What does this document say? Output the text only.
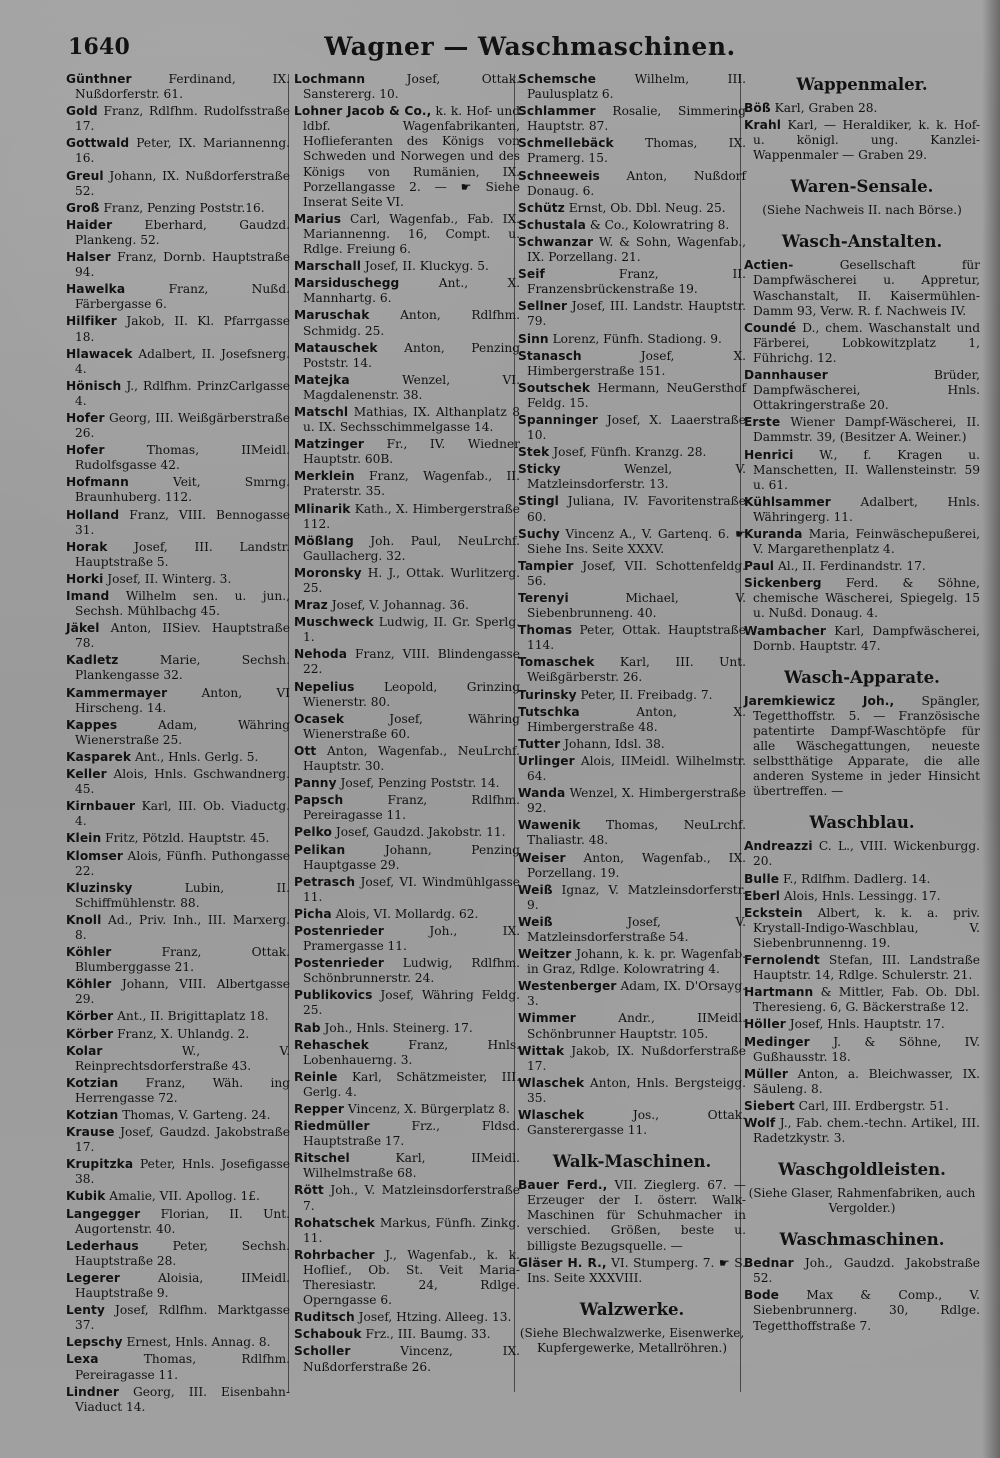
1640	Wagner — Waschmaschinen.
Günthner	Ferdinand, IX. Nußdorferstr. 61.
Gold Franz, Rdlfhm. Rudolfsstraße 17.
Gottwald Peter, IX. Mariannenng. 16.
Greul Johann, IX. Nußdorferstraße 52.
Groß Franz, Penzing Poststr.16.
Haider	Eberhard, Gaudzd. Plankeng. 52.
Halser Franz, Dornb. Hauptstraße 94.
Hawelka	Franz, Nußd. Färbergasse 6.
Hilfiker Jakob, II. Kl. Pfarrgasse 18.
Hlawacek Adalbert, II. Josefsnerg. 4.
Hönisch J., Rdlfhm. PrinzCarlgasse 4.
Hofer Georg, III. Weißgärberstraße 26.
Hofer	Thomas, IIMeidl. Rudolfsgasse 42.
Hofmann	Veit, Smrng. Braunhuberg. 112.
Holland Franz, VIII. Bennogasse 31.
Horak Josef, III. Landstr. Hauptstraße 5.
Horki Josef, II. Winterg. 3.
Imand Wilhelm sen. u. jun., Sechsh. Mühlbachg 45.
Jäkel Anton, IISiev. Hauptstraße 78.
Kadletz	Marie, Sechsh. Plankengasse 32.
Kammermayer	Anton, VI Hirscheng. 14.
Kappes	Adam, Währing Wienerstraße 25.
Kasparek Ant., Hnls. Gerlg. 5.
Keller Alois, Hnls. Gschwandnerg. 45.
Kirnbauer Karl, III. Ob. Viaductg. 4.
Klein Fritz, Pötzld. Hauptstr. 45.
Klomser Alois, Fünfh. Puthongasse 22.
Kluzinsky	Lubin, II. Schiffmühlenstr. 88.
Knoll Ad., Priv. Inh., III. Marxerg. 8.
Köhler	Franz, Ottak. Blumberggasse 21.
Köhler Johann, VIII. Albertgasse 29.
Körber Ant., II. Brigittaplatz 18.
Körber Franz, X. Uhlandg. 2.
Kolar	W., V. Reinprechtsdorferstraße 43.
Kotzian Franz, Wäh. ing Herrengasse 72.
Kotzian Thomas, V. Garteng. 24.
Krause Josef, Gaudzd. Jakobstraße 17.
Krupitzka Peter, Hnls. Josefigasse 38.
Kubik Amalie, VII. Apollog. 1£.
Langegger Florian, II. Unt. Augortenstr. 40.
Lederhaus	Peter, Sechsh. Hauptstraße 28.
Legerer	Aloisia, IIMeidl. Hauptstraße 9.
Lenty Josef, Rdlfhm. Marktgasse 37.
Lepschy Ernest, Hnls. Annag. 8.
Lexa	Thomas, Rdlfhm. Pereiragasse 11.
Lindner Georg, III. Eisenbahn-Viaduct 14.
Lochmann	Josef, Ottak. Sanstererg. 10.
Lohner Jacob & Co., k. k. Hof- und ldbf. Wagenfabrikanten, Hoflieferanten des Königs von Schweden und Norwegen und des Königs von Rumänien, IX. Porzellangasse 2. — ☛ Siehe Inserat Seite VI.
Marius Carl, Wagenfab., Fab. IX. Mariannenng. 16, Compt. u. Rdlge. Freiung 6.
Marschall Josef, II. Kluckyg. 5.
Marsiduschegg	Ant., X. Mannhartg. 6.
Maruschak	Anton, Rdlfhm. Schmidg. 25.
Matauschek Anton, Penzing Poststr. 14.
Matejka	Wenzel, VI. Magdalenenstr. 38.
Matschl Mathias, IX. Althanplatz 8 u. IX. Sechsschimmelgasse 14.
Matzinger Fr., IV. Wiedner Hauptstr. 60B.
Merklein Franz, Wagenfab., II. Praterstr. 35.
Mlinarik Kath., X. Himbergerstraße 112.
Mößlang Joh. Paul, NeuLrchf. Gaullacherg. 32.
Moronsky H. J., Ottak. Wurlitzerg. 25.
Mraz Josef, V. Johannag. 36.
Muschweck Ludwig, II. Gr. Sperlg. 1.
Nehoda Franz, VIII. Blindengasse 22.
Nepelius Leopold, Grinzing Wienerstr. 80.
Ocasek	Josef, Währing Wienerstraße 60.
Ott Anton, Wagenfab., NeuLrchf. Hauptstr. 30.
Panny Josef, Penzing Poststr. 14.
Papsch	Franz, Rdlfhm. Pereiragasse 11.
Pelko Josef, Gaudzd. Jakobstr. 11.
Pelikan	Johann, Penzing Hauptgasse 29.
Petrasch Josef, VI. Windmühlgasse 11.
Picha Alois, VI. Mollardg. 62.
Postenrieder	Joh., IX. Pramergasse 11.
Postenrieder Ludwig, Rdlfhm. Schönbrunnerstr. 24.
Publikovics Josef, Währing Feldg. 25.
Rab Joh., Hnls. Steinerg. 17.
Rehaschek	Franz, Hnls. Lobenhauerng. 3.
Reinle Karl, Schätzmeister, III. Gerlg. 4.
Repper Vincenz, X. Bürgerplatz 8.
Riedmüller	Frz., Fldsd. Hauptstraße 17.
Ritschel	Karl, IIMeidl. Wilhelmstraße 68.
Rött Joh., V. Matzleinsdorferstraße 7.
Rohatschek Markus, Fünfh. Zinkg. 11.
Rohrbacher J., Wagenfab., k. k. Hoflief., Ob. St. Veit Maria-Theresiastr. 24, Rdlge. Operngasse 6.
Ruditsch Josef, Htzing. Alleeg. 13.
Schabouk Frz., III. Baumg. 33.
Scholler	Vincenz, IX. Nußdorferstraße 26.
Schemsche	Wilhelm, III. Paulusplatz 6.
Schlammer Rosalie, Simmering Hauptstr. 87.
Schmellebäck	Thomas, IX. Pramerg. 15.
Schneeweis Anton, Nußdorf Donaug. 6.
Schütz Ernst, Ob. Dbl. Neug. 25.
Schustala & Co., Kolowratring 8.
Schwanzar W. & Sohn, Wagenfab., IX. Porzellang. 21.
Seif	Franz, II. Franzensbrückenstraße 19.
Sellner Josef, III. Landstr. Hauptstr. 79.
Sinn Lorenz, Fünfh. Stadiong. 9.
Stanasch	Josef, X. Himbergerstraße 151.
Soutschek Hermann, NeuGersthof Feldg. 15.
Spanninger Josef, X. Laaerstraße 10.
Stek Josef, Fünfh. Kranzg. 28.
Sticky	Wenzel, V. Matzleinsdorferstr. 13.
Stingl Juliana, IV. Favoritenstraße 60.
Suchy Vincenz A., V. Gartenq. 6. ☛ Siehe Ins. Seite XXXV.
Tampier Josef, VII. Schottenfeldg. 56.
Terenyi	Michael, V. Siebenbrunneng. 40.
Thomas Peter, Ottak. Hauptstraße 114.
Tomaschek Karl, III. Unt. Weißgärberstr. 26.
Turinsky Peter, II. Freibadg. 7.
Tutschka	Anton, X. Himbergerstraße 48.
Tutter Johann, Idsl. 38.
Urlinger Alois, IIMeidl. Wilhelmstr. 64.
Wanda Wenzel, X. Himbergerstraße 92.
Wawenik Thomas, NeuLrchf. Thaliastr. 48.
Weiser Anton, Wagenfab., IX. Porzellang. 19.
Weiß Ignaz, V. Matzleinsdorferstr. 9.
Weiß	Josef, V. Matzleinsdorferstraße 54.
Weitzer Johann, k. k. pr. Wagenfab. in Graz, Rdlge. Kolowratring 4.
Westenberger Adam, IX. D'Orsayg. 3.
Wimmer	Andr., IIMeidl. Schönbrunner Hauptstr. 105.
Wittak Jakob, IX. Nußdorferstraße 17.
Wlaschek Anton, Hnls. Bergsteigg. 35.
Wlaschek	Jos., Ottak. Gansterergasse 11.
Walk-Maschinen.
Bauer Ferd., VII. Zieglerg. 67. — Erzeuger der I. österr. Walk-Maschinen für Schuhmacher in verschied. Größen, beste u. billigste Bezugsquelle. —
Gläser H. R., VI. Stumperg. 7. ☛ S. Ins. Seite XXXVIII.
Walzwerke.
(Siehe Blechwalzwerke, Eisenwerke, Kupfergewerke, Metallröhren.)
Wappenmaler.
Böß Karl, Graben 28.
Krahl Karl, — Heraldiker, k. k. Hof- u. königl. ung. Kanzlei-Wappenmaler — Graben 29.
Waren-Sensale.
(Siehe Nachweis II. nach Börse.)
Wasch-Anstalten.
Actien-	Gesellschaft für Dampfwäscherei u. Appretur, Waschanstalt, II. Kaisermühlen-Damm 93, Verw. R. f. Nachweis IV.
Coundé D., chem. Waschanstalt und Färberei, Lobkowitzplatz 1, Führichg. 12.
Dannhauser	Brüder, Dampfwäscherei, Hnls. Ottakringerstraße 20.
Erste Wiener Dampf-Wäscherei, II. Dammstr. 39, (Besitzer A. Weiner.)
Henrici W., f. Kragen u. Manschetten, II. Wallensteinstr. 59 u. 61.
Kühlsammer Adalbert, Hnls. Währingerg. 11.
Kuranda Maria, Feinwäschepußerei, V. Margarethenplatz 4.
Paul Al., II. Ferdinandstr. 17.
Sickenberg Ferd. & Söhne, chemische Wäscherei, Spiegelg. 15 u. Nußd. Donaug. 4.
Wambacher Karl, Dampfwäscherei, Dornb. Hauptstr. 47.
Wasch-Apparate.
Jaremkiewicz Joh., Spängler, Tegetthoffstr. 5. — Französische patentirte Dampf-Waschtöpfe für alle Wäschegattungen, neueste selbstthätige Apparate, die alle anderen Systeme in jeder Hinsicht übertreffen. —
Waschblau.
Andreazzi C. L., VIII. Wickenburgg. 20.
Bulle F., Rdlfhm. Dadlerg. 14.
Eberl Alois, Hnls. Lessingg. 17.
Eckstein Albert, k. k. a. priv. Krystall-Indigo-Waschblau, V. Siebenbrunnenng. 19.
Fernolendt Stefan, III. Landstraße Hauptstr. 14, Rdlge. Schulerstr. 21.
Hartmann & Mittler, Fab. Ob. Dbl. Theresieng. 6, G. Bäckerstraße 12.
Höller Josef, Hnls. Hauptstr. 17.
Medinger J. & Söhne, IV. Gußhausstr. 18.
Müller Anton, a. Bleichwasser, IX. Säuleng. 8.
Siebert Carl, III. Erdbergstr. 51.
Wolf J., Fab. chem.-techn. Artikel, III. Radetzkystr. 3.
Waschgoldleisten.
(Siehe Glaser, Rahmenfabriken, auch Vergolder.)
Waschmaschinen.
Bednar Joh., Gaudzd. Jakobstraße 52.
Bode Max & Comp., V. Siebenbrunnerg. 30, Rdlge. Tegetthoffstraße 7.
